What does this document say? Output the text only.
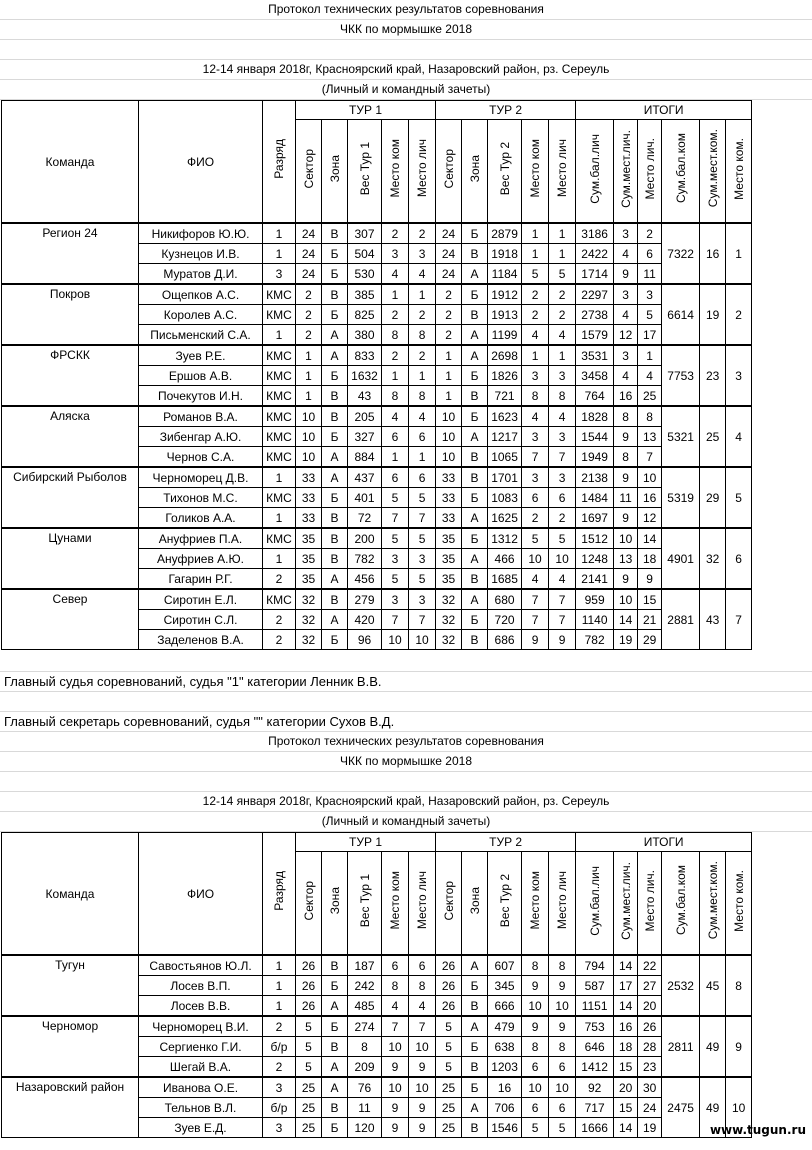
Протокол технических результатов соревнования
ЧКК по мормышке 2018
12-14 января 2018г, Красноярский край, Назаровский район, рз. Сереуль
(Личный и командный зачеты)
Команда	ФИО	Разряд	ТУР 1					ТУР 2					ИТОГИ					
			Сектор	Зона	Вес Тур 1	Место ком	Место лич	Сектор	Зона	Вес Тур 2	Место ком	Место лич	Сум.бал.лич	Сум.мест.лич.	Место лич.	Сум.бал.ком	Сум.мест.ком.	Место ком.
Регион 24	Никифоров Ю.Ю.	1	24	В	307	2	2	24	Б	2879	1	1	3186	3	2	7322	16	1
	Кузнецов И.В.	1	24	Б	504	3	3	24	В	1918	1	1	2422	4	6			
	Муратов Д.И.	3	24	Б	530	4	4	24	А	1184	5	5	1714	9	11			
Покров	Ощепков А.С.	КМС	2	В	385	1	1	2	Б	1912	2	2	2297	3	3	6614	19	2
	Королев А.С.	КМС	2	Б	825	2	2	2	В	1913	2	2	2738	4	5			
	Письменский С.А.	1	2	А	380	8	8	2	А	1199	4	4	1579	12	17			
ФРСКК	Зуев Р.Е.	КМС	1	А	833	2	2	1	А	2698	1	1	3531	3	1	7753	23	3
	Ершов А.В.	КМС	1	Б	1632	1	1	1	Б	1826	3	3	3458	4	4			
	Почекутов И.Н.	КМС	1	В	43	8	8	1	В	721	8	8	764	16	25			
Аляска	Романов В.А.	КМС	10	В	205	4	4	10	Б	1623	4	4	1828	8	8	5321	25	4
	Зибенгар А.Ю.	КМС	10	Б	327	6	6	10	А	1217	3	3	1544	9	13			
	Чернов С.А.	КМС	10	А	884	1	1	10	В	1065	7	7	1949	8	7			
Сибирский Рыболов	Черноморец Д.В.	1	33	А	437	6	6	33	В	1701	3	3	2138	9	10	5319	29	5
	Тихонов М.С.	КМС	33	Б	401	5	5	33	Б	1083	6	6	1484	11	16			
	Голиков А.А.	1	33	В	72	7	7	33	А	1625	2	2	1697	9	12			
Цунами	Ануфриев П.А.	КМС	35	В	200	5	5	35	Б	1312	5	5	1512	10	14	4901	32	6
	Ануфриев А.Ю.	1	35	В	782	3	3	35	А	466	10	10	1248	13	18			
	Гагарин Р.Г.	2	35	А	456	5	5	35	В	1685	4	4	2141	9	9			
Север	Сиротин Е.Л.	КМС	32	В	279	3	3	32	А	680	7	7	959	10	15	2881	43	7
	Сиротин С.Л.	2	32	А	420	7	7	32	Б	720	7	7	1140	14	21			
	Заделенов В.А.	2	32	Б	96	10	10	32	В	686	9	9	782	19	29			
Главный судья соревнований, судья "1" категории Ленник В.В.
Главный секретарь соревнований, судья "" категории Сухов В.Д.
Протокол технических результатов соревнования
ЧКК по мормышке 2018
12-14 января 2018г, Красноярский край, Назаровский район, рз. Сереуль
(Личный и командный зачеты)
Команда	ФИО	Разряд	ТУР 1					ТУР 2					ИТОГИ					
			Сектор	Зона	Вес Тур 1	Место ком	Место лич	Сектор	Зона	Вес Тур 2	Место ком	Место лич	Сум.бал.лич	Сум.мест.лич.	Место лич.	Сум.бал.ком	Сум.мест.ком.	Место ком.
Тугун	Савостьянов Ю.Л.	1	26	В	187	6	6	26	А	607	8	8	794	14	22	2532	45	8
	Лосев В.П.	1	26	Б	242	8	8	26	Б	345	9	9	587	17	27			
	Лосев В.В.	1	26	А	485	4	4	26	В	666	10	10	1151	14	20			
Черномор	Черноморец В.И.	2	5	Б	274	7	7	5	А	479	9	9	753	16	26	2811	49	9
	Сергиенко Г.И.	б/р	5	В	8	10	10	5	Б	638	8	8	646	18	28			
	Шегай В.А.	2	5	А	209	9	9	5	В	1203	6	6	1412	15	23			
Назаровский район	Иванова О.Е.	3	25	А	76	10	10	25	Б	16	10	10	92	20	30	2475	49	10
	Тельнов В.Л.	б/р	25	В	11	9	9	25	А	706	6	6	717	15	24			
	Зуев Е.Д.	3	25	Б	120	9	9	25	В	1546	5	5	1666	14	19				www.tugun.ru
